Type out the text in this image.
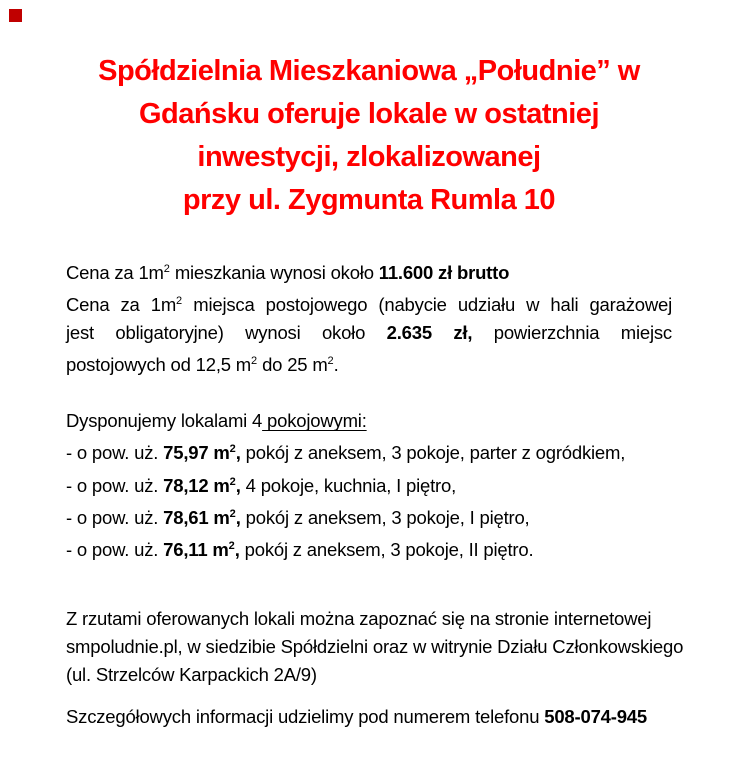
Spółdzielnia Mieszkaniowa „Południe” w
Gdańsku oferuje lokale w ostatniej
inwestycji, zlokalizowanej
przy ul. Zygmunta Rumla 10
Cena za $1m^2$ mieszkania wynosi około 11.600 zł brutto
Cena za $1m^2$ miejsca postojowego (nabycie udziału w hali garażowej
jest obligatoryjne) wynosi około 2.635 zł, powierzchnia miejsc
postojowych od 12,5 $m^2$ do 25 $m^2$.
Dysponujemy lokalami 4 pokojowymi:
- o pow. uż. 75,97 $m^2$, pokój z aneksem, 3 pokoje, parter z ogródkiem,
- o pow. uż. 78,12 $m^2$, 4 pokoje, kuchnia, I piętro,
- o pow. uż. 78,61 $m^2$, pokój z aneksem, 3 pokoje, I piętro,
- o pow. uż. 76,11 $m^2$, pokój z aneksem, 3 pokoje, II piętro.
Z rzutami oferowanych lokali można zapoznać się na stronie internetowej
smpoludnie.pl, w siedzibie Spółdzielni oraz w witrynie Działu Członkowskiego
(ul. Strzelców Karpackich 2A/9)
Szczegółowych informacji udzielimy pod numerem telefonu 508-074-945
